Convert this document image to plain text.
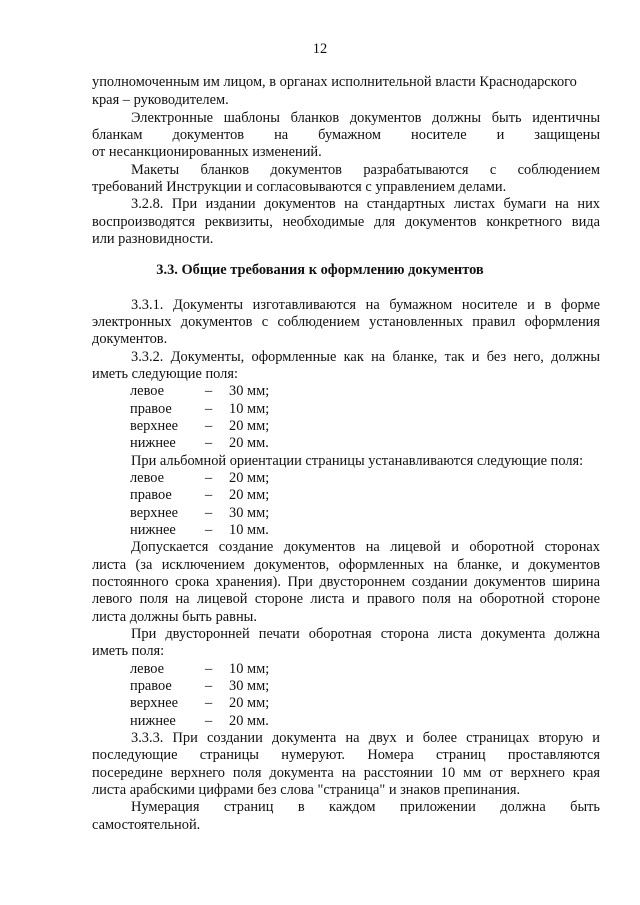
12
уполномоченным им лицом, в органах исполнительной власти Краснодарского
края – руководителем.
Электронные шаблоны бланков документов должны быть идентичны
бланкам документов на бумажном носителе и защищены
от несанкционированных изменений.
Макеты бланков документов разрабатываются с соблюдением
требований Инструкции и согласовываются с управлением делами.
3.2.8. При издании документов на стандартных листах бумаги на них
воспроизводятся реквизиты, необходимые для документов конкретного вида
или разновидности.
3.3. Общие требования к оформлению документов
3.3.1. Документы изготавливаются на бумажном носителе и в форме
электронных документов с соблюдением установленных правил оформления
документов.
3.3.2. Документы, оформленные как на бланке, так и без него, должны
иметь следующие поля:
левое	– 30 мм;
правое – 10 мм;
верхнее – 20 мм;
нижнее – 20 мм.
При альбомной ориентации страницы устанавливаются следующие поля:
левое	– 20 мм;
правое – 20 мм;
верхнее – 30 мм;
нижнее – 10 мм.
Допускается создание документов на лицевой и оборотной сторонах
листа (за исключением документов, оформленных на бланке, и документов
постоянного срока хранения). При двустороннем создании документов ширина
левого поля на лицевой стороне листа и правого поля на оборотной стороне
листа должны быть равны.
При двусторонней печати оборотная сторона листа документа должна
иметь поля:
левое	– 10 мм;
правое – 30 мм;
верхнее – 20 мм;
нижнее – 20 мм.
3.3.3. При создании документа на двух и более страницах вторую и
последующие страницы нумеруют. Номера страниц проставляются
посередине верхнего поля документа на расстоянии 10 мм от верхнего края
листа арабскими цифрами без слова "страница" и знаков препинания.
Нумерация страниц в каждом приложении должна быть
самостоятельной.
